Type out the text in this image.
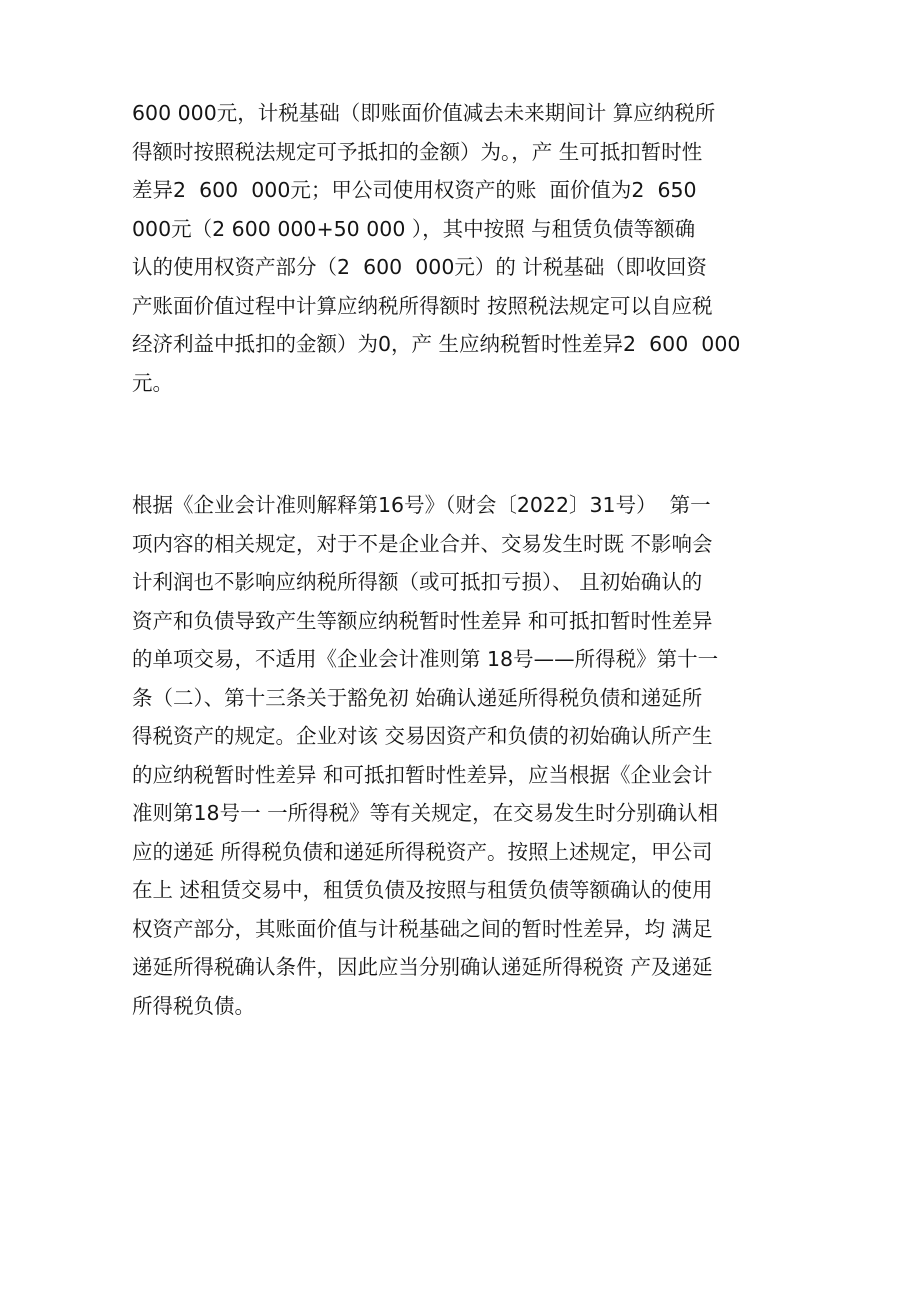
600 000元，计税基础（即账面价值减去未来期间计 算应纳税所
得额时按照税法规定可予抵扣的金额）为。，产 生可抵扣暂时性
差异2  600  000元；甲公司使用权资产的账  面价值为2  650
000元（2 600 000+50 000 ），其中按照 与租赁负债等额确
认的使用权资产部分（2  600  000元）的 计税基础（即收回资
产账面价值过程中计算应纳税所得额时 按照税法规定可以自应税
经济利益中抵扣的金额）为0，产 生应纳税暂时性差异2  600  000
元。
根据《企业会计准则解释第16号》（财会〔2022〕31号）  第一
项内容的相关规定，对于不是企业合并、交易发生时既 不影响会
计利润也不影响应纳税所得额（或可抵扣亏损）、 且初始确认的
资产和负债导致产生等额应纳税暂时性差异 和可抵扣暂时性差异
的单项交易，不适用《企业会计准则第 18号——所得税》第十一
条（二）、第十三条关于豁免初 始确认递延所得税负债和递延所
得税资产的规定。企业对该 交易因资产和负债的初始确认所产生
的应纳税暂时性差异 和可抵扣暂时性差异，应当根据《企业会计
准则第18号一 一所得税》等有关规定，在交易发生时分别确认相
应的递延 所得税负债和递延所得税资产。按照上述规定，甲公司
在上 述租赁交易中，租赁负债及按照与租赁负债等额确认的使用
权资产部分，其账面价值与计税基础之间的暂时性差异，均 满足
递延所得税确认条件，因此应当分别确认递延所得税资 产及递延
所得税负债。
